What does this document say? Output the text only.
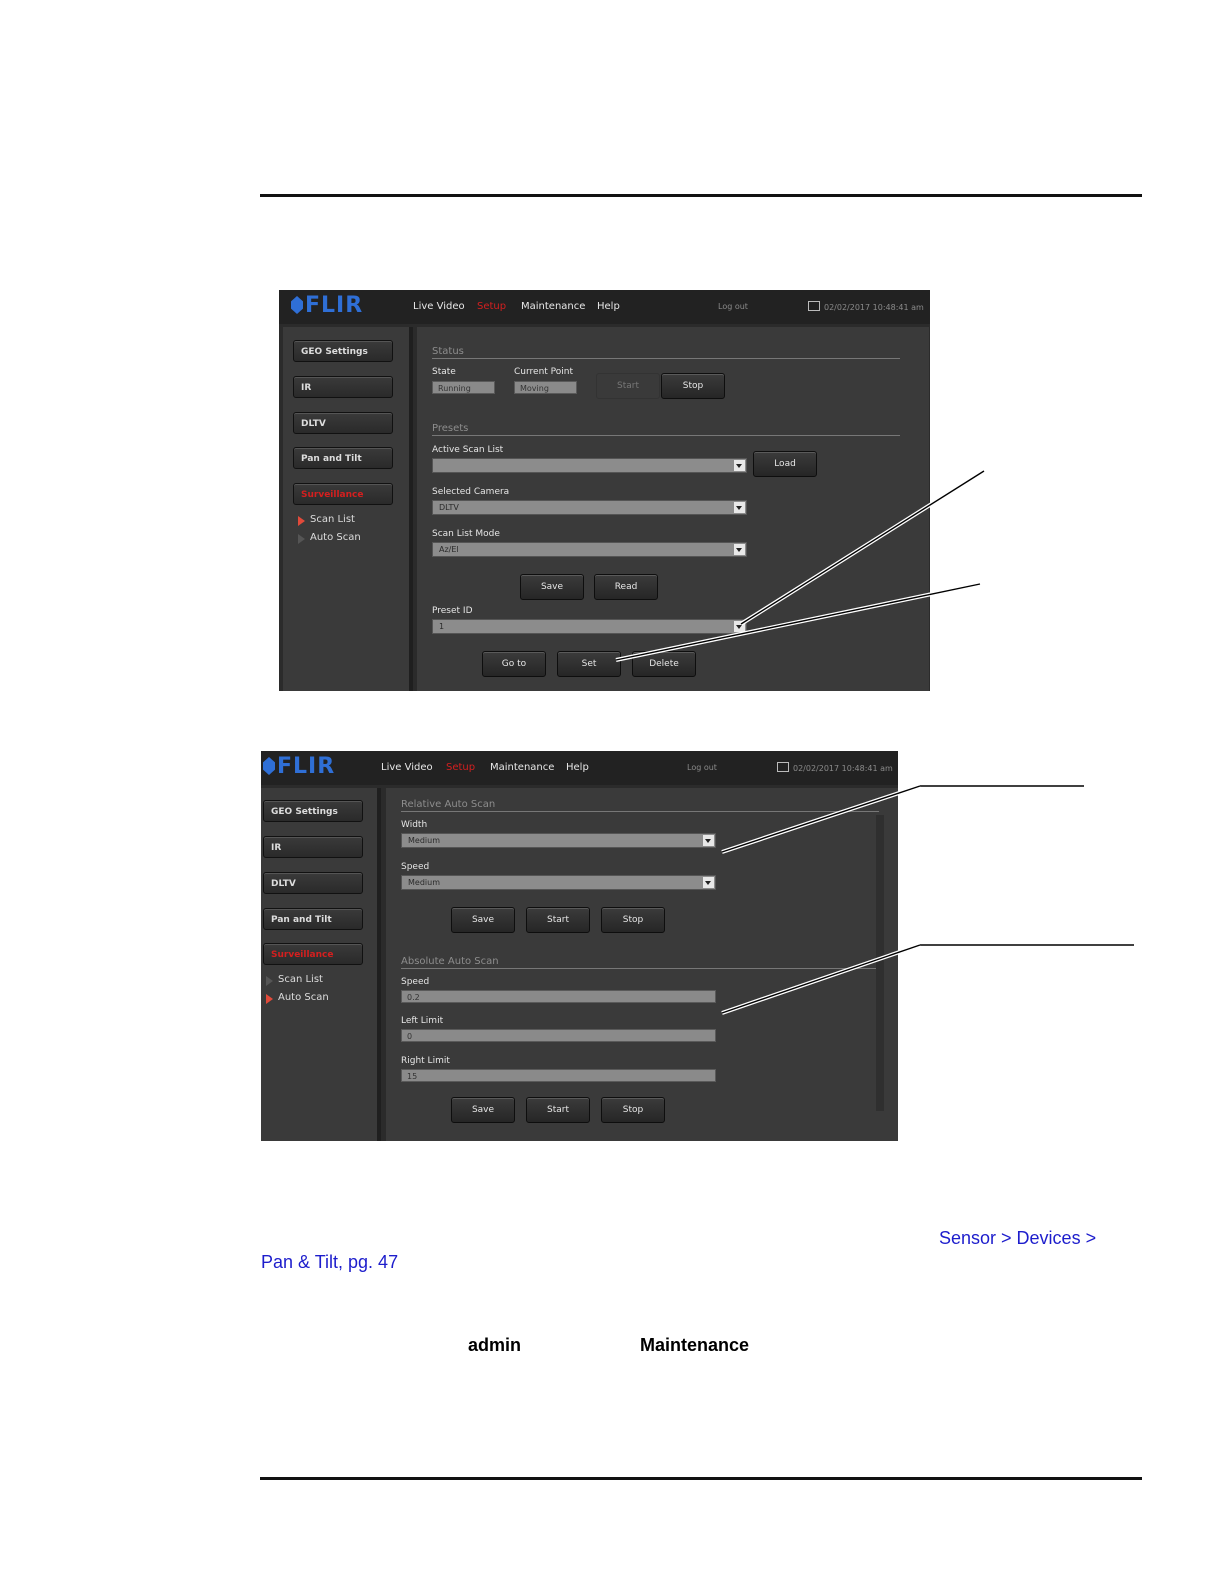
FLIR	Live Video Setup Maintenance Help	Log out	02/02/2017 10:48:41 am
GEO Settings
IR
DLTV
Pan and Tilt
Surveillance
Scan List
Auto Scan
Status
State
Running
Current Point
Moving	Start	Stop
Presets
Active Scan List
Load
Selected Camera
DLTV
Scan List Mode
Az/El
Save	Read
Preset ID
1
Go to	Set	Delete
FLIR	Live Video Setup Maintenance Help	Log out	02/02/2017 10:48:41 am
GEO Settings
IR
DLTV
Pan and Tilt
Surveillance
Scan List
Auto Scan
Relative Auto Scan
Width
Medium
Speed
Medium
Save	Start	Stop
Absolute Auto Scan
Speed
0.2
Left Limit
0
Right Limit
15
Save	Start	Stop
Sensor > Devices >
Pan & Tilt, pg. 47
admin	Maintenance
